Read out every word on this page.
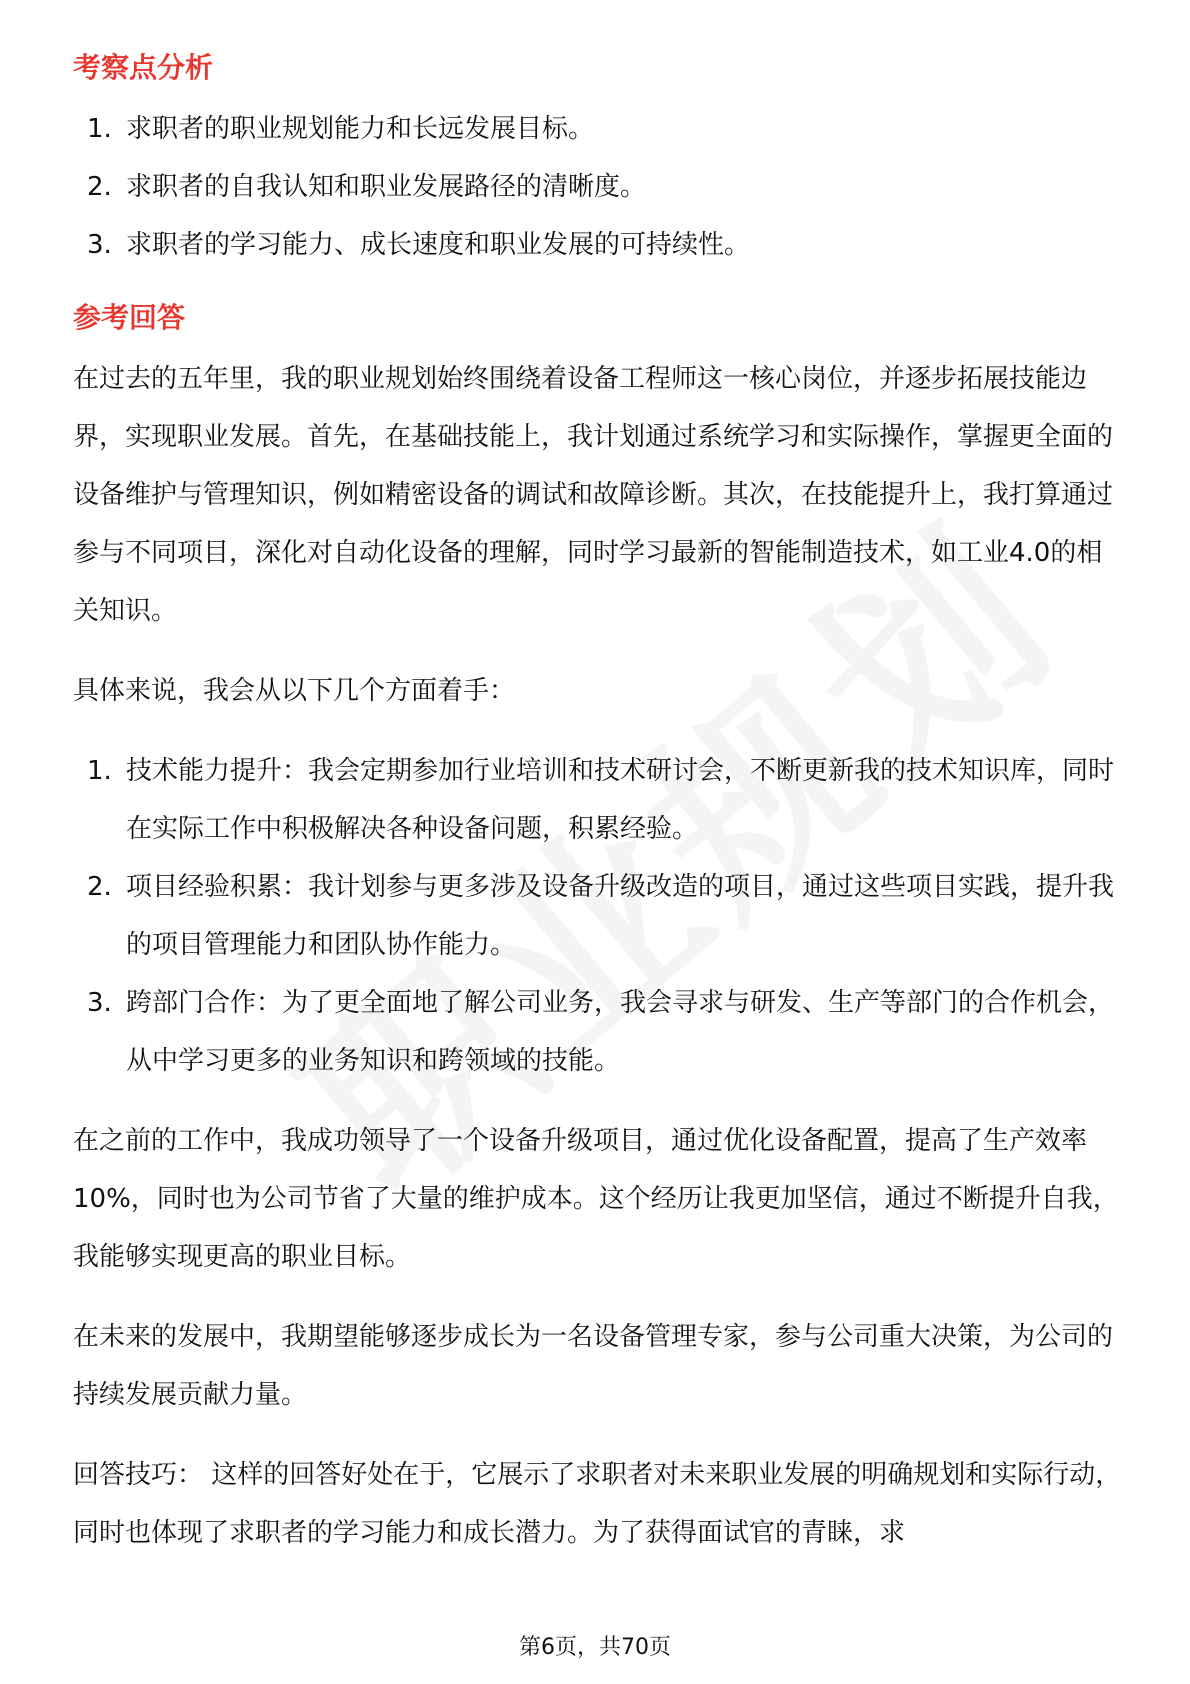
考察点分析
1. 求职者的职业规划能力和长远发展目标。
2. 求职者的自我认知和职业发展路径的清晰度。
3. 求职者的学习能力、成长速度和职业发展的可持续性。
参考回答

在过去的五年里，我的职业规划始终围绕着设备工程师这一核心岗位，并逐步拓展技能边界，实现职业发展。首先，在基础技能上，我计划通过系统学习和实际操作，掌握更全面的设备维护与管理知识，例如精密设备的调试和故障诊断。其次，在技能提升上，我打算通过参与不同项目，深化对自动化设备的理解，同时学习最新的智能制造技术，如工业4.0的相关知识。

具体来说，我会从以下几个方面着手：

1. 技术能力提升：我会定期参加行业培训和技术研讨会，不断更新我的技术知识库，同时在实际工作中积极解决各种设备问题，积累经验。
2. 项目经验积累：我计划参与更多涉及设备升级改造的项目，通过这些项目实践，提升我的项目管理能力和团队协作能力。
3. 跨部门合作：为了更全面地了解公司业务，我会寻求与研发、生产等部门的合作机会，从中学习更多的业务知识和跨领域的技能。

在之前的工作中，我成功领导了一个设备升级项目，通过优化设备配置，提高了生产效率10%，同时也为公司节省了大量的维护成本。这个经历让我更加坚信，通过不断提升自我，我能够实现更高的职业目标。

在未来的发展中，我期望能够逐步成长为一名设备管理专家，参与公司重大决策，为公司的持续发展贡献力量。

回答技巧： 这样的回答好处在于，它展示了求职者对未来职业发展的明确规划和实际行动，同时也体现了求职者的学习能力和成长潜力。为了获得面试官的青睐，求

第6页，共70页
